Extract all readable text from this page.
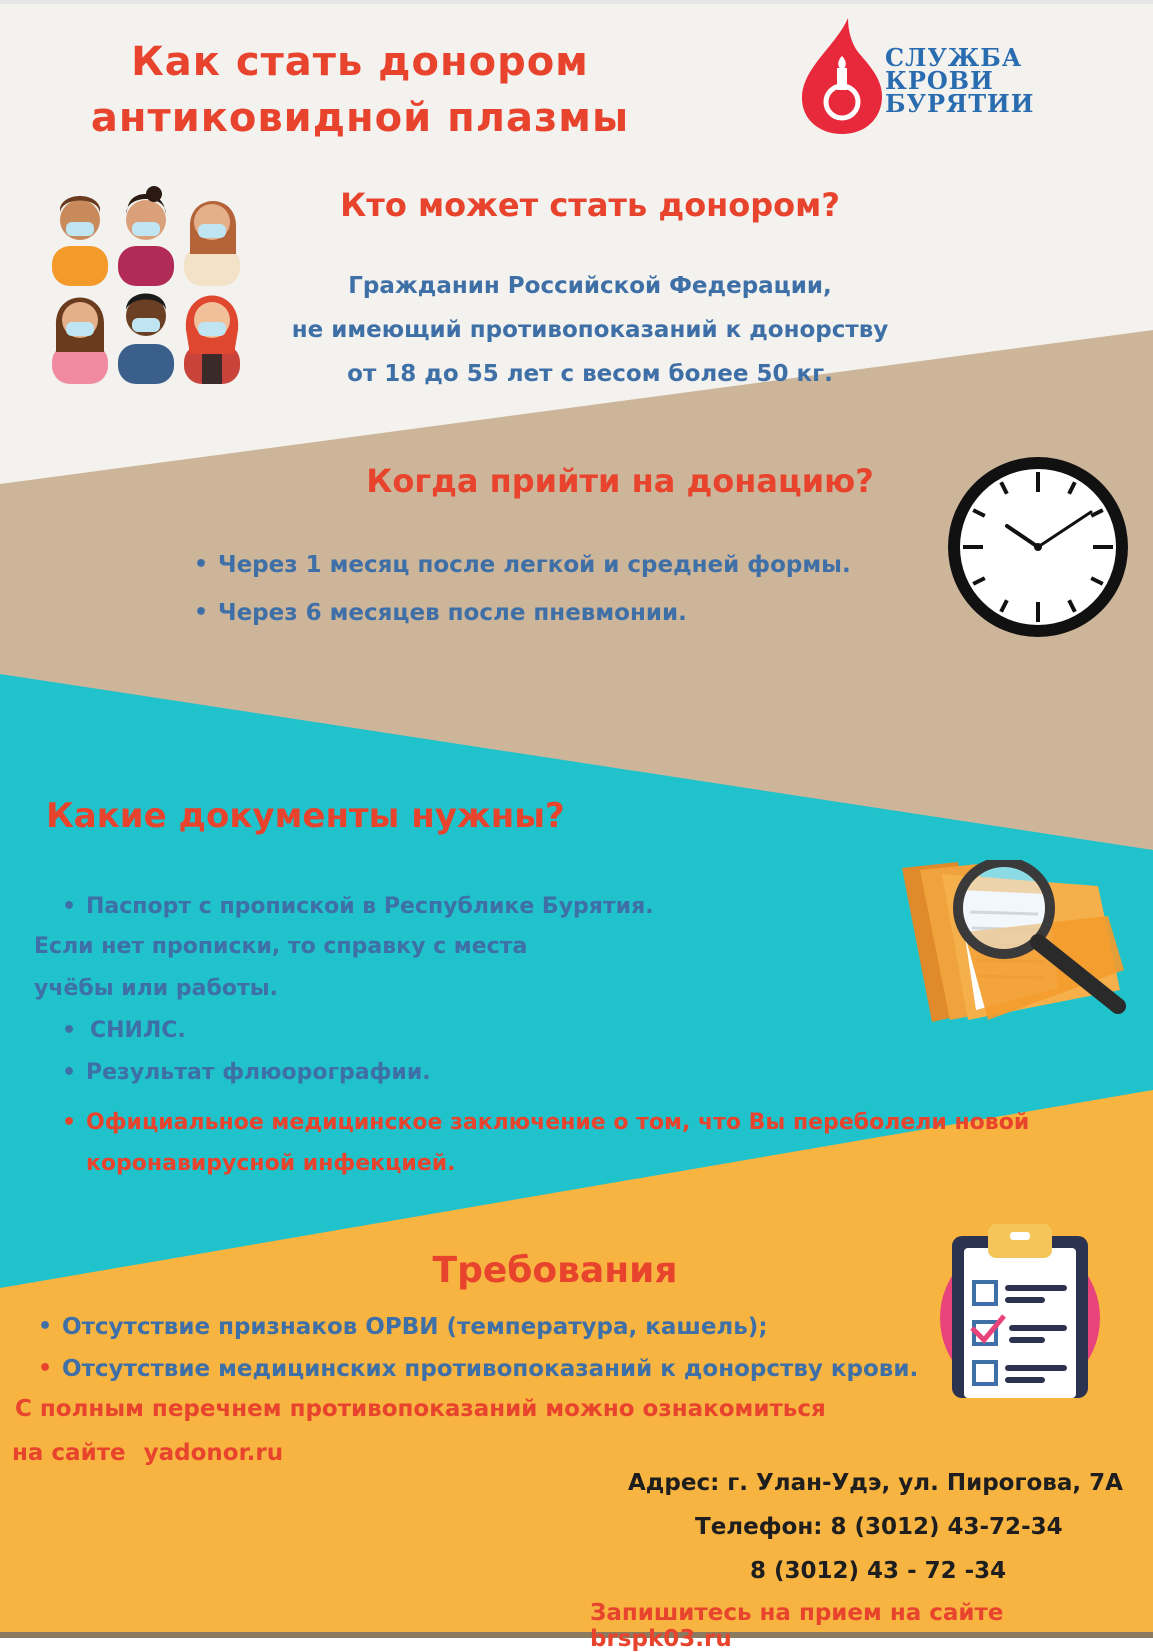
Как стать донором
антиковидной плазмы
СЛУЖБА
КРОВИ
БУРЯТИИ
Кто может стать донором?
Гражданин Российской Федерации,
не имеющий противопоказаний к донорству
от 18 до 55 лет с весом более 50 кг.
Когда прийти на донацию?
• Через 1 месяц после легкой и средней формы.
• Через 6 месяцев после пневмонии.
Какие документы нужны?
• Паспорт с пропиской в Республике Бурятия.
Если нет прописки, то справку с места
учёбы или работы.
• СНИЛС.
• Результат флюорографии.
• Официальное медицинское заключение о том, что Вы переболели новой
коронавирусной инфекцией.
Требования
• Отсутствие признаков ОРВИ (температура, кашель);
• Отсутствие медицинских противопоказаний к донорству крови.
С полным перечнем противопоказаний можно ознакомиться
на сайте yadonor.ru
Адрес: г. Улан-Удэ, ул. Пирогова, 7А
Телефон: 8 (3012) 43-72-34
8 (3012) 43 - 72 -34
Запишитесь на прием на сайте brspk03.ru
